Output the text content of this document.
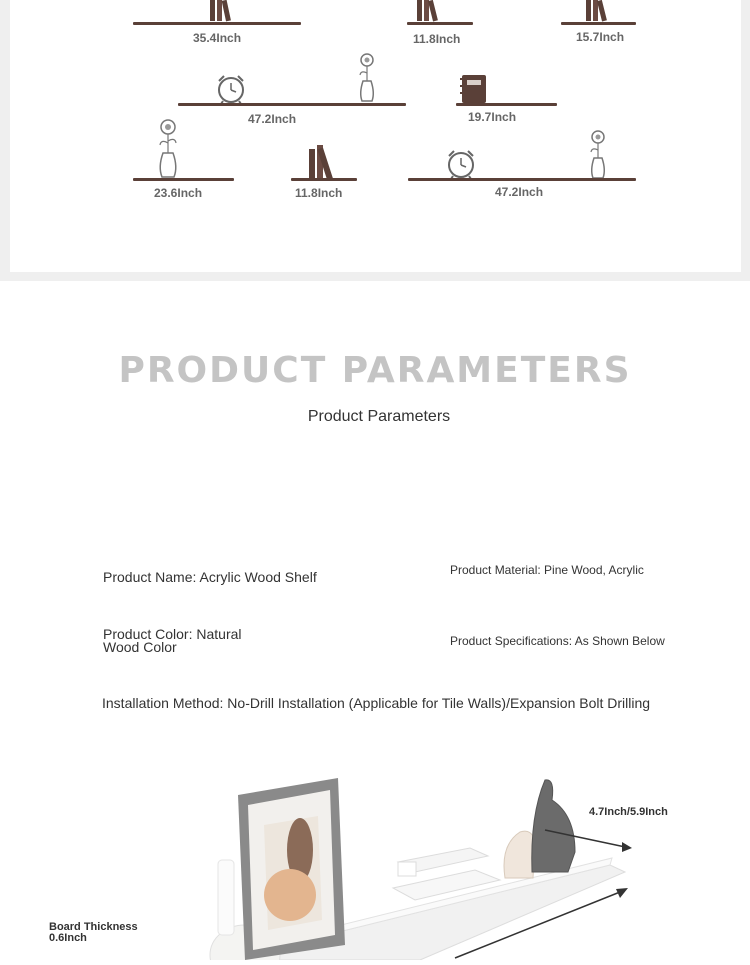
35.4Inch	11.8Inch	15.7Inch
47.2Inch	19.7Inch
23.6Inch	11.8Inch	47.2Inch
PRODUCT PARAMETERS
Product Parameters
Product Name: Acrylic Wood Shelf	Product Material: Pine Wood, Acrylic
Product Color: Natural Wood Color	Product Specifications: As Shown Below
Installation Method: No-Drill Installation (Applicable for Tile Walls)/Expansion Bolt Drilling
4.7Inch/5.9Inch
Board Thickness 0.6Inch
